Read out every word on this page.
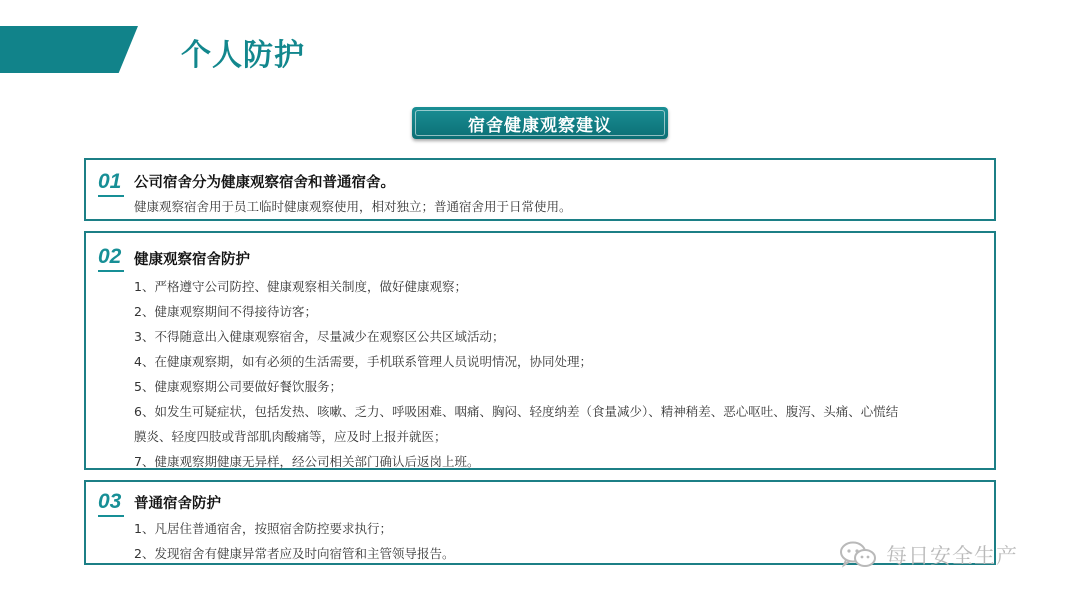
个人防护
宿舍健康观察建议
01 公司宿舍分为健康观察宿舍和普通宿舍。
健康观察宿舍用于员工临时健康观察使用，相对独立；普通宿舍用于日常使用。
02 健康观察宿舍防护
1、严格遵守公司防控、健康观察相关制度，做好健康观察；
2、健康观察期间不得接待访客；
3、不得随意出入健康观察宿舍，尽量减少在观察区公共区域活动；
4、在健康观察期，如有必须的生活需要，手机联系管理人员说明情况，协同处理；
5、健康观察期公司要做好餐饮服务；
6、如发生可疑症状，包括发热、咳嗽、乏力、呼吸困难、咽痛、胸闷、轻度纳差（食量减少）、精神稍差、恶心呕吐、腹泻、头痛、心慌结
膜炎、轻度四肢或背部肌肉酸痛等，应及时上报并就医；
7、健康观察期健康无异样，经公司相关部门确认后返岗上班。
03 普通宿舍防护
1、凡居住普通宿舍，按照宿舍防控要求执行；
2、发现宿舍有健康异常者应及时向宿管和主管领导报告。	每日安全生产
